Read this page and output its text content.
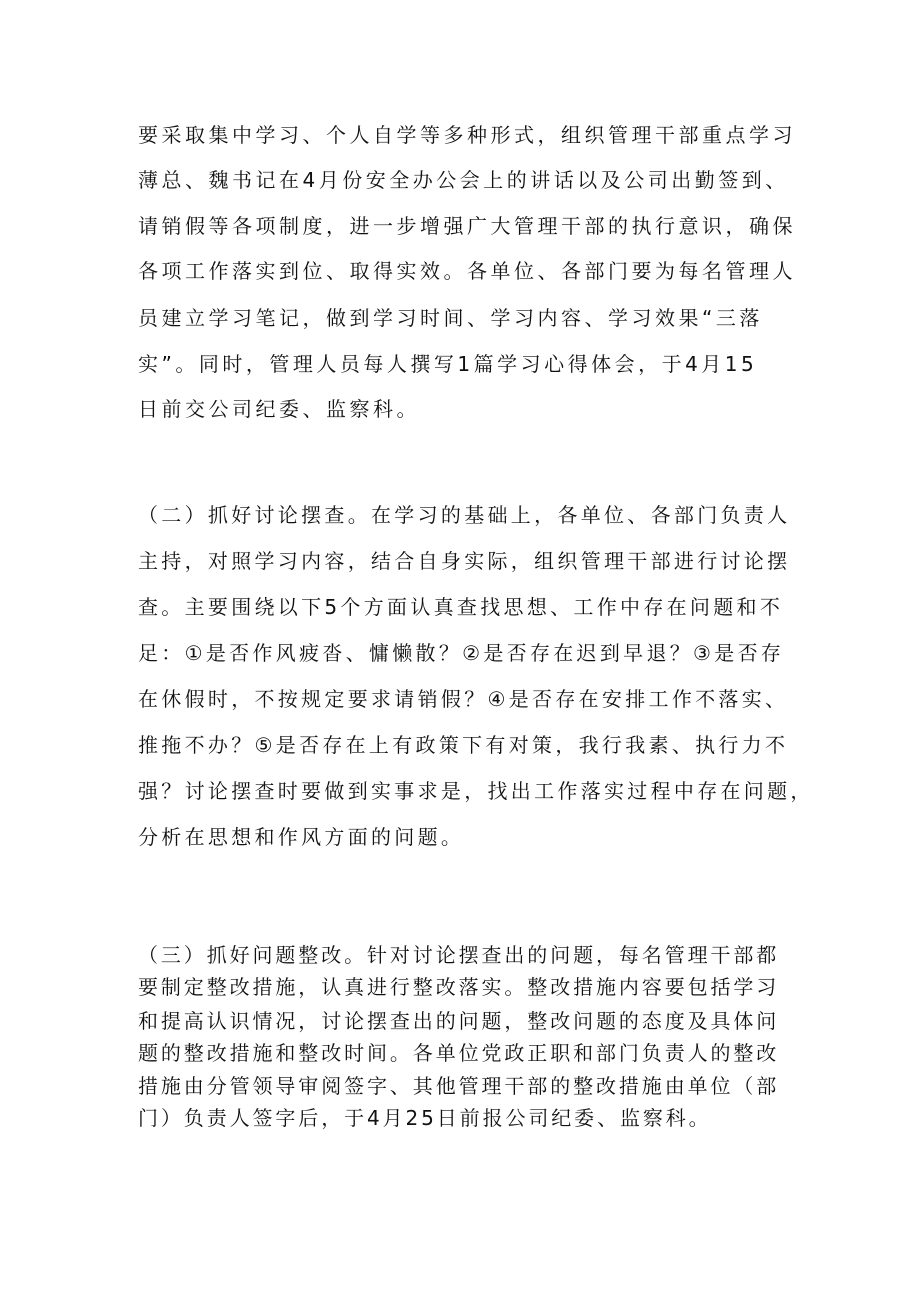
要采取集中学习、个人自学等多种形式，组织管理干部重点学习
薄总、魏书记在4月份安全办公会上的讲话以及公司出勤签到、
请销假等各项制度，进一步增强广大管理干部的执行意识，确保
各项工作落实到位、取得实效。各单位、各部门要为每名管理人
员建立学习笔记，做到学习时间、学习内容、学习效果“三落
实”。同时，管理人员每人撰写1篇学习心得体会，于4月15
日前交公司纪委、监察科。
（二）抓好讨论摆查。在学习的基础上，各单位、各部门负责人
主持，对照学习内容，结合自身实际，组织管理干部进行讨论摆
查。主要围绕以下5个方面认真查找思想、工作中存在问题和不
足：①是否作风疲沓、慵懒散？②是否存在迟到早退？③是否存
在休假时，不按规定要求请销假？④是否存在安排工作不落实、
推拖不办？⑤是否存在上有政策下有对策，我行我素、执行力不
强？讨论摆查时要做到实事求是，找出工作落实过程中存在问题，
分析在思想和作风方面的问题。
（三）抓好问题整改。针对讨论摆查出的问题，每名管理干部都
要制定整改措施，认真进行整改落实。整改措施内容要包括学习
和提高认识情况，讨论摆查出的问题，整改问题的态度及具体问
题的整改措施和整改时间。各单位党政正职和部门负责人的整改
措施由分管领导审阅签字、其他管理干部的整改措施由单位（部
门）负责人签字后，于4月25日前报公司纪委、监察科。
